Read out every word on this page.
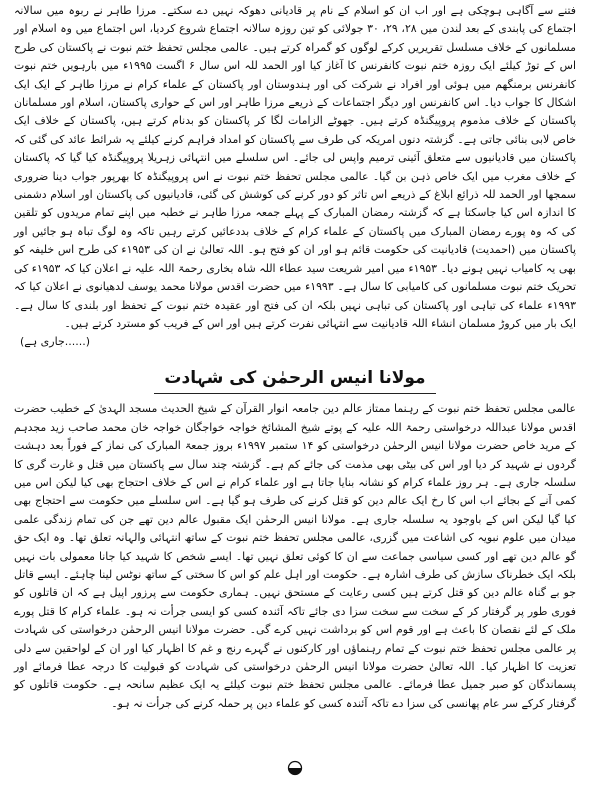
فتنے سے آگاہی ہوچکی ہے اور اب ان کو اسلام کے نام پر قادیانی دھوکہ نہیں دے سکتے۔ مرزا طاہر نے ربوہ میں سالانہ اجتماع کی پابندی کے بعد لندن میں ۲۸، ۲۹، ۳۰ جولائی کو تین روزہ سالانہ اجتماع شروع کردیا، اس اجتماع میں وہ اسلام اور مسلمانوں کے خلاف مسلسل تقریریں کرکے لوگوں کو گمراہ کرتے ہیں۔ عالمی مجلس تحفظ ختم نبوت نے پاکستان کی طرح اس کے توڑ کیلئے ایک روزہ ختم نبوت کانفرنس کا آغاز کیا اور الحمد للہ اس سال ۶ اگست ۱۹۹۵ء میں بارہویں ختم نبوت کانفرنس برمنگھم میں ہوئی اور افراد نے شرکت کی اور ہندوستان اور پاکستان کے علماء کرام نے مرزا طاہر کے ایک ایک اشکال کا جواب دیا۔ اس کانفرنس اور دیگر اجتماعات کے ذریعے مرزا طاہر اور اس کے حواری پاکستان، اسلام اور مسلمانان پاکستان کے خلاف مذموم پروپیگنڈہ کرتے ہیں۔ جھوٹے الزامات لگا کر پاکستان کو بدنام کرتے ہیں، پاکستان کے خلاف ایک خاص لابی بنائی جاتی ہے۔ گزشتہ دنوں امریکہ کی طرف سے پاکستان کو امداد فراہم کرنے کیلئے یہ شرائط عائد کی گئی کہ پاکستان میں قادیانیوں سے متعلق آئینی ترمیم واپس لی جائے۔ اس سلسلے میں انتہائی زہریلا پروپیگنڈہ کیا گیا کہ پاکستان کے خلاف مغرب میں ایک خاص ذہن بن گیا۔ عالمی مجلس تحفظ ختم نبوت نے اس پروپیگنڈہ کا بھرپور جواب دینا ضروری سمجھا اور الحمد للہ ذرائع ابلاغ کے ذریعے اس تاثر کو دور کرنے کی کوشش کی گئی، قادیانیوں کی پاکستان اور اسلام دشمنی کا اندازہ اس کیا جاسکتا ہے کہ گزشتہ رمضان المبارک کے پہلے جمعہ مرزا طاہر نے خطبہ میں اپنے تمام مریدوں کو تلقین کی کہ وہ پورے رمضان المبارک میں پاکستان کے علماء کرام کے خلاف بددعائیں کرتے رہیں تاکہ وہ لوگ تباہ ہو جائیں اور پاکستان میں (احمدیت) قادیانیت کی حکومت قائم ہو اور ان کو فتح ہو۔ اللہ تعالیٰ نے ان کی ۱۹۵۳ء کی طرح اس خلیفہ کو بھی یہ کامیاب نہیں ہونے دیا۔ ۱۹۵۳ء میں امیر شریعت سید عطاء اللہ شاہ بخاری رحمۃ اللہ علیہ نے اعلان کیا کہ ۱۹۵۳ء کی تحریک ختم نبوت مسلمانوں کی کامیابی کا سال ہے۔ ۱۹۹۳ء میں حضرت اقدس مولانا محمد یوسف لدھیانوی نے اعلان کیا کہ ۱۹۹۳ء علماء کی تباہی اور پاکستان کی تباہی نہیں بلکہ ان کی فتح اور عقیدہ ختم نبوت کے تحفظ اور بلندی کا سال ہے۔ ایک بار میں کروڑ مسلمان انشاء اللہ قادیانیت سے انتہائی نفرت کرتے ہیں اور اس کے فریب کو مسترد کرتے ہیں۔

(......جاری ہے)

مولانا انیس الرحمٰن کی شہادت

عالمی مجلس تحفظ ختم نبوت کے رہنما ممتاز عالم دین جامعہ انوار القرآن کے شیخ الحدیث مسجد الہدیٰ کے خطیب حضرت اقدس مولانا عبداللہ درخواستی رحمۃ اللہ علیہ کے پوتے شیخ المشائخ خواجہ خواجگان خواجہ خان محمد صاحب زید مجدہم کے مرید خاص حضرت مولانا انیس الرحمٰن درخواستی کو ۱۴ ستمبر ۱۹۹۷ء بروز جمعۃ المبارک کی نماز کے فوراً بعد دہشت گردوں نے شہید کر دیا اور اس کی بیٹی بھی مذمت کی جائے کم ہے۔ گزشتہ چند سال سے پاکستان میں قتل و غارت گری کا سلسلہ جاری ہے۔ ہر روز علماء کرام کو نشانہ بنایا جاتا ہے اور علماء کرام نے اس کے خلاف احتجاج بھی کیا لیکن اس میں کمی آنے کے بجائے اب اس کا رخ ایک عالم دین کو قتل کرنے کی طرف ہو گیا ہے۔ اس سلسلے میں حکومت سے احتجاج بھی کیا گیا لیکن اس کے باوجود یہ سلسلہ جاری ہے۔ مولانا انیس الرحمٰن ایک مقبول عالم دین تھے جن کی تمام زندگی علمی میدان میں علوم نبویہ کی اشاعت میں گزری، عالمی مجلس تحفظ ختم نبوت کے ساتھ انتہائی والہانہ تعلق تھا۔ وہ ایک حق گو عالم دین تھے اور کسی سیاسی جماعت سے ان کا کوئی تعلق نہیں تھا۔ ایسے شخص کا شہید کیا جانا معمولی بات نہیں بلکہ ایک خطرناک سازش کی طرف اشارہ ہے۔ حکومت اور اہل علم کو اس کا سختی کے ساتھ نوٹس لینا چاہئے۔ ایسے قاتل جو بے گناہ عالم دین کو قتل کرتے ہیں کسی رعایت کے مستحق نہیں۔ ہماری حکومت سے پرزور اپیل ہے کہ ان قاتلوں کو فوری طور پر گرفتار کر کے سخت سے سخت سزا دی جائے تاکہ آئندہ کسی کو ایسی جرأت نہ ہو۔ علماء کرام کا قتل پورے ملک کے لئے نقصان کا باعث ہے اور قوم اس کو برداشت نہیں کرے گی۔ حضرت مولانا انیس الرحمٰن درخواستی کی شہادت پر عالمی مجلس تحفظ ختم نبوت کے تمام رہنماؤں اور کارکنوں نے گہرے رنج و غم کا اظہار کیا اور ان کے لواحقین سے دلی تعزیت کا اظہار کیا۔ اللہ تعالیٰ حضرت مولانا انیس الرحمٰن درخواستی کی شہادت کو قبولیت کا درجہ عطا فرمائے اور پسماندگان کو صبر جمیل عطا فرمائے۔ عالمی مجلس تحفظ ختم نبوت کیلئے یہ ایک عظیم سانحہ ہے۔ حکومت قاتلوں کو گرفتار کرکے سر عام پھانسی کی سزا دے تاکہ آئندہ کسی کو علماء دین پر حملہ کرنے کی جرأت نہ ہو۔
